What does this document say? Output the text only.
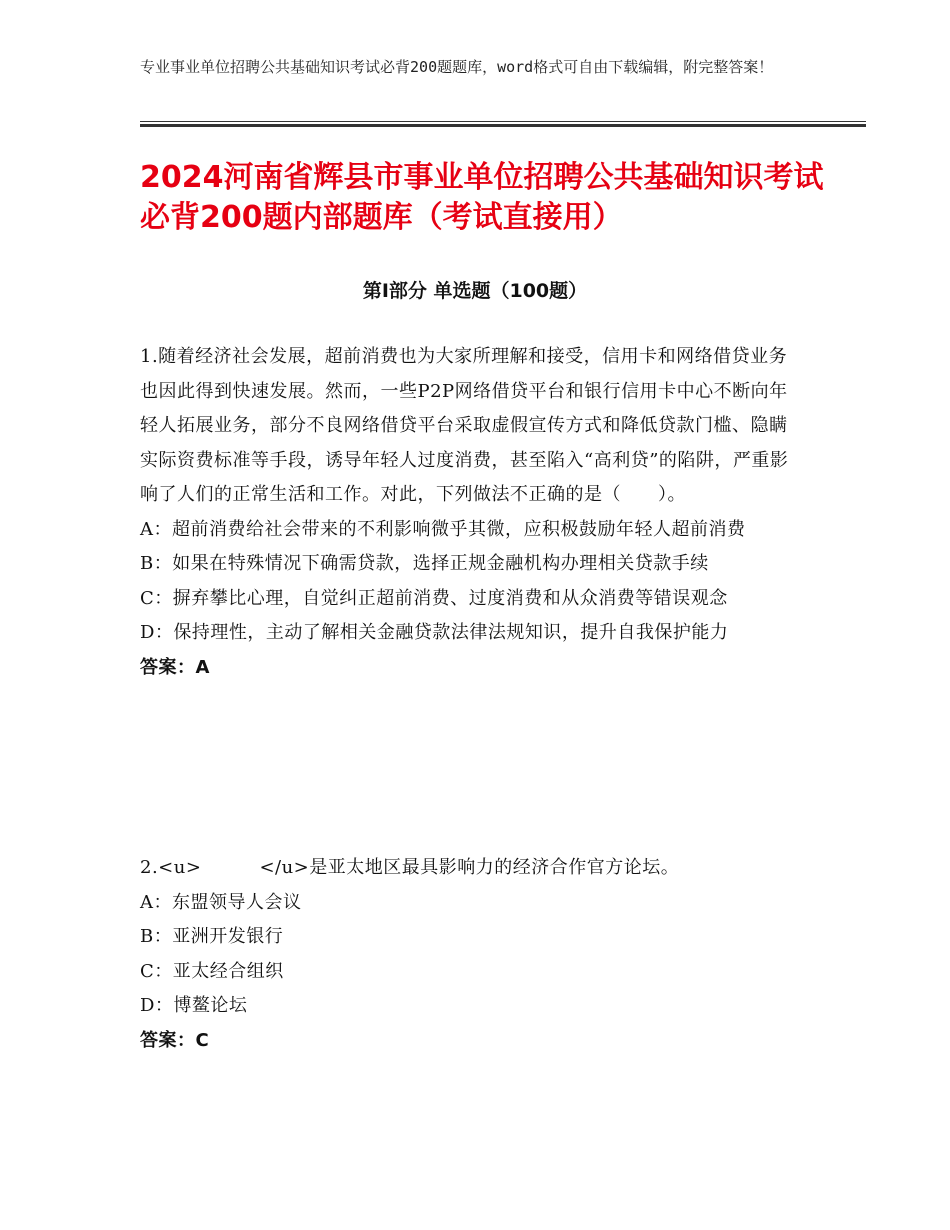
专业事业单位招聘公共基础知识考试必背200题题库，word格式可自由下载编辑，附完整答案！
2024河南省辉县市事业单位招聘公共基础知识考试必背200题内部题库（考试直接用）
第Ⅰ部分 单选题（100题）

1.随着经济社会发展，超前消费也为大家所理解和接受，信用卡和网络借贷业务也因此得到快速发展。然而，一些P2P网络借贷平台和银行信用卡中心不断向年轻人拓展业务，部分不良网络借贷平台采取虚假宣传方式和降低贷款门槛、隐瞒实际资费标准等手段，诱导年轻人过度消费，甚至陷入“高利贷”的陷阱，严重影响了人们的正常生活和工作。对此，下列做法不正确的是（　　）。

A：超前消费给社会带来的不利影响微乎其微，应积极鼓励年轻人超前消费

B：如果在特殊情况下确需贷款，选择正规金融机构办理相关贷款手续

C：摒弃攀比心理，自觉纠正超前消费、过度消费和从众消费等错误观念

D：保持理性，主动了解相关金融贷款法律法规知识，提升自我保护能力

答案：A

2.<u>	</u>是亚太地区最具影响力的经济合作官方论坛。

A：东盟领导人会议

B：亚洲开发银行

C：亚太经合组织

D：博鳌论坛

答案：C
